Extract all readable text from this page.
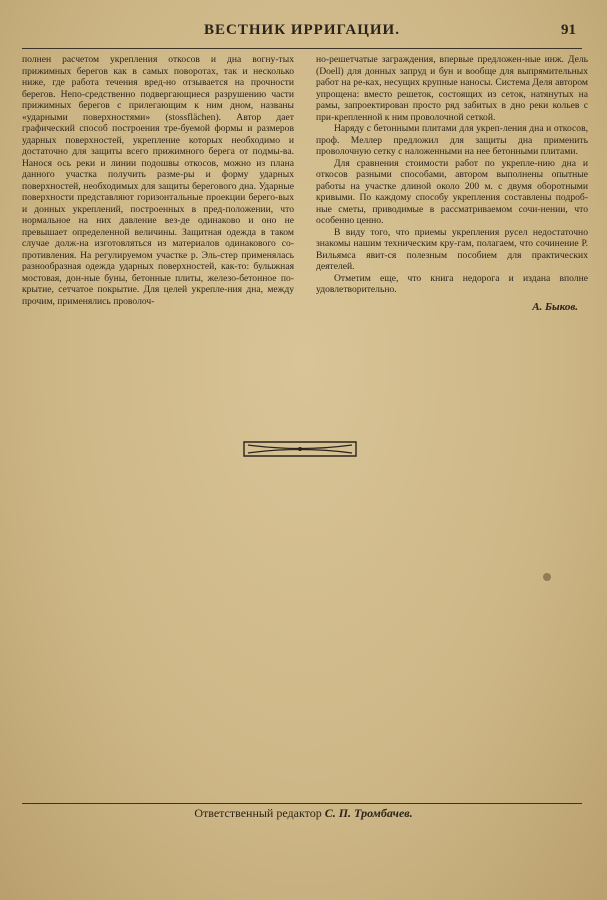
ВЕСТНИК ИРРИГАЦИИ.	91

полнен расчетом укрепления откосов и дна вогну-тых прижимных берегов как в самых поворотах, так и несколько ниже, где работа течения вред-но отзывается на прочности берегов. Непо-средственно подвергающиеся разрушению части прижимных берегов с прилегающим к ним дном, названы «ударными поверхностями» (stossflächen). Автор дает графический способ построения тре-буемой формы и размеров ударных поверхностей, укрепление которых необходимо и достаточно для защиты всего прижимного берега от подмы-ва. Нанося ось реки и линии подошвы откосов, можно из плана данного участка получить разме-ры и форму ударных поверхностей, необходимых для защиты берегового дна. Ударные поверхности представляют горизонтальные проекции берего-вых и донных укреплений, построенных в пред-положении, что нормальное на них давление вез-де одинаково и оно не превышает определенной величины. Защитная одежда в таком случае долж-на изготовляться из материалов одинакового со-противления. На регулируемом участке р. Эль-стер применялась разнообразная одежда ударных поверхностей, как-то: булыжная мостовая, дон-ные буны, бетонные плиты, железо-бетонное по-крытие, сетчатое покрытие. Для целей укрепле-ния дна, между прочим, применялись проволоч-

но-решетчатые заграждения, впервые предложен-ные инж. Дель (Doell) для донных запруд и бун и вообще для выпрямительных работ на ре-ках, несущих крупные наносы. Система Деля автором упрощена: вместо решеток, состоящих из сеток, натянутых на рамы, запроектирован просто ряд забитых в дно реки кольев с при-крепленной к ним проволочной сеткой.

Наряду с бетонными плитами для укреп-ления дна и откосов, проф. Меллер предложил для защиты дна применить проволочную сетку с наложенными на нее бетонными плитами.

Для сравнения стоимости работ по укрепле-нию дна и откосов разными способами, автором выполнены опытные работы на участке длиной около 200 м. с двумя оборотными кривыми. По каждому способу укрепления составлены подроб-ные сметы, приводимые в рассматриваемом сочи-нении, что особенно ценно.

В виду того, что приемы укрепления русел недостаточно знакомы нашим техническим кру-гам, полагаем, что сочинение Р. Вильямса явит-ся полезным пособием для практических деятелей.

Отметим еще, что книга недорога и издана вполне удовлетворительно.

А. Быков.
Ответственный редактор С. П. Тромбачев.
